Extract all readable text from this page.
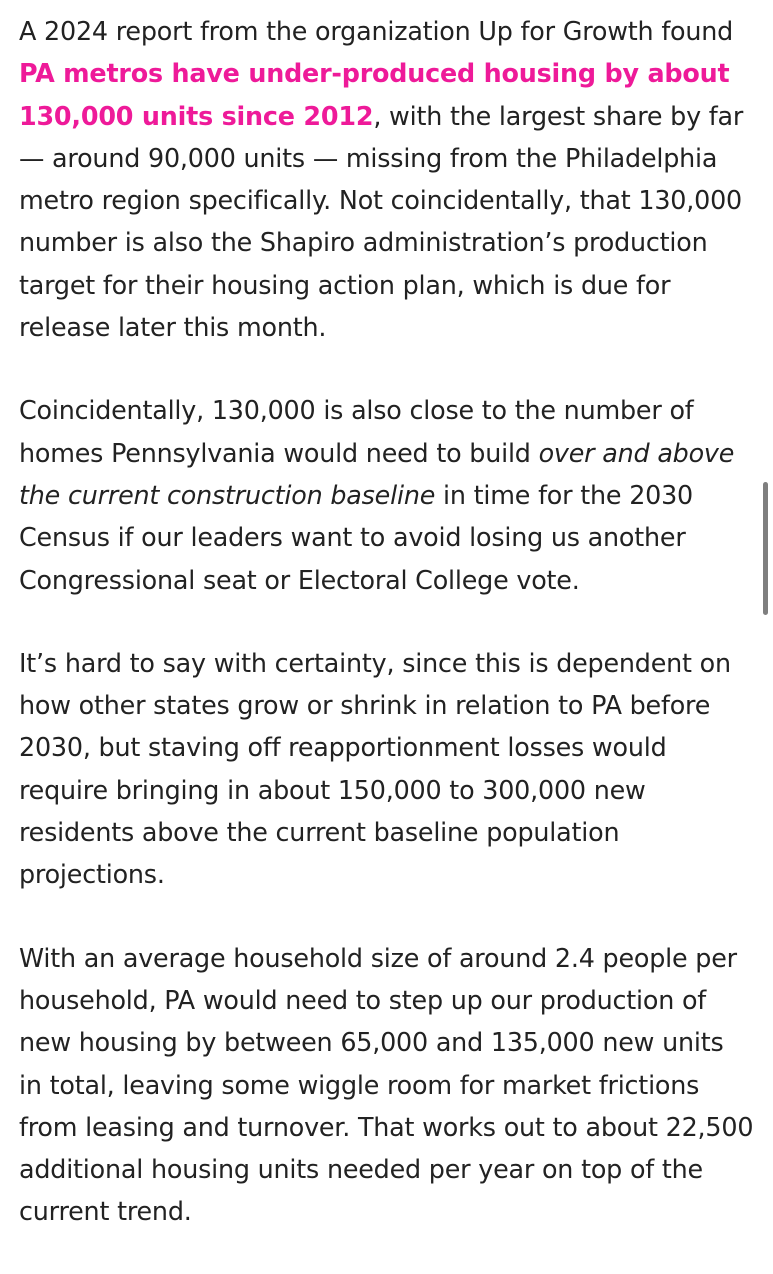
A 2024 report from the organization Up for Growth found PA metros have under-produced housing by about 130,000 units since 2012, with the largest share by far — around 90,000 units — missing from the Philadelphia metro region specifically. Not coincidentally, that 130,000 number is also the Shapiro administration’s production target for their housing action plan, which is due for release later this month.

Coincidentally, 130,000 is also close to the number of homes Pennsylvania would need to build over and above the current construction baseline in time for the 2030 Census if our leaders want to avoid losing us another Congressional seat or Electoral College vote.

It’s hard to say with certainty, since this is dependent on how other states grow or shrink in relation to PA before 2030, but staving off reapportionment losses would require bringing in about 150,000 to 300,000 new residents above the current baseline population projections.

With an average household size of around 2.4 people per household, PA would need to step up our production of new housing by between 65,000 and 135,000 new units in total, leaving some wiggle room for market frictions from leasing and turnover. That works out to about 22,500 additional housing units needed per year on top of the current trend.
